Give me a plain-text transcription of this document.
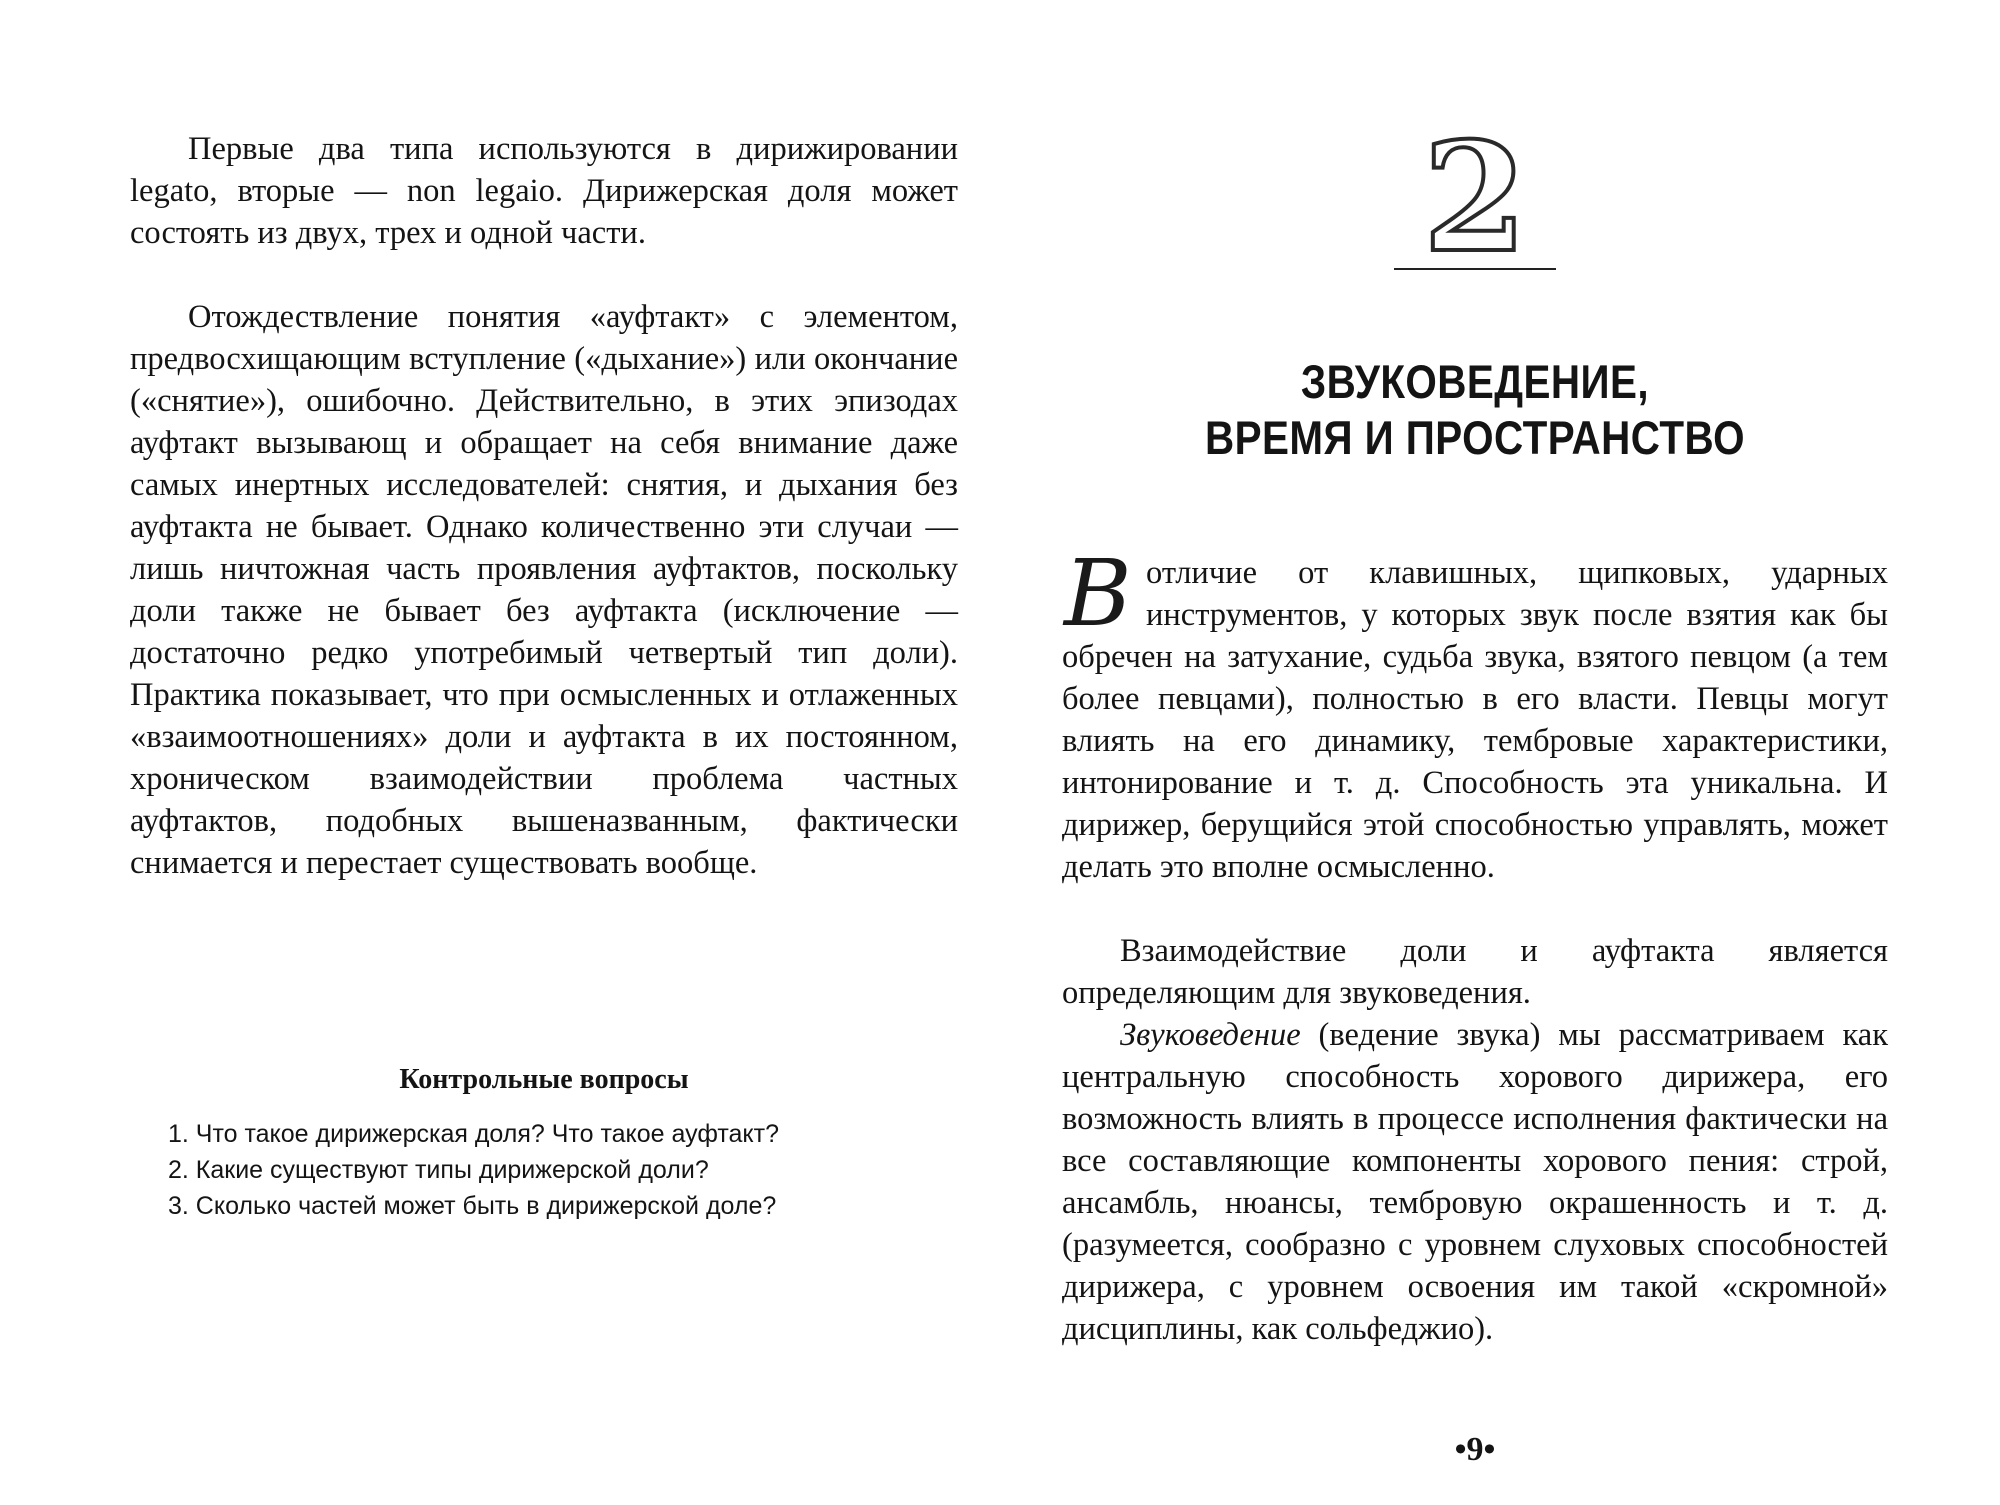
Первые два типа используются в дирижировании legato, вторые — non legaio. Дирижерская доля может состоять из двух, трех и одной части.

Отождествление понятия «ауфтакт» с элементом, предвосхищающим вступление («дыхание») или окончание («снятие»), ошибочно. Действительно, в этих эпизодах ауфтакт вызывающ и обращает на себя внимание даже самых инертных исследователей: снятия, и дыхания без ауфтакта не бывает. Однако количественно эти случаи — лишь ничтожная часть проявления ауфтактов, поскольку доли также не бывает без ауфтакта (исключение — достаточно редко употребимый четвертый тип доли). Практика показывает, что при осмысленных и отлаженных «взаимоотношениях» доли и ауфтакта в их постоянном, хроническом взаимодействии проблема частных ауфтактов, подобных вышеназванным, фактически снимается и перестает существовать вообще.

Контрольные вопросы
1. Что такое дирижерская доля? Что такое ауфтакт?
2. Какие существуют типы дирижерской доли?
3. Сколько частей может быть в дирижерской доле?
2
ЗВУКОВЕДЕНИЕ,
ВРЕМЯ И ПРОСТРАНСТВО
В отличие от клавишных, щипковых, ударных инструментов, у которых звук после взятия как бы обречен на затухание, судьба звука, взятого певцом (а тем более певцами), полностью в его власти. Певцы могут влиять на его динамику, тембровые характеристики, интонирование и т. д. Способность эта уникальна. И дирижер, берущийся этой способностью управлять, может делать это вполне осмысленно.

Взаимодействие доли и ауфтакта является определяющим для звуковедения.

Звуковедение (ведение звука) мы рассматриваем как центральную способность хорового дирижера, его возможность влиять в процессе исполнения фактически на все составляющие компоненты хорового пения: строй, ансамбль, нюансы, тембровую окрашенность и т. д. (разумеется, сообразно с уровнем слуховых способностей дирижера, с уровнем освоения им такой «скромной» дисциплины, как сольфеджио).

•9•
